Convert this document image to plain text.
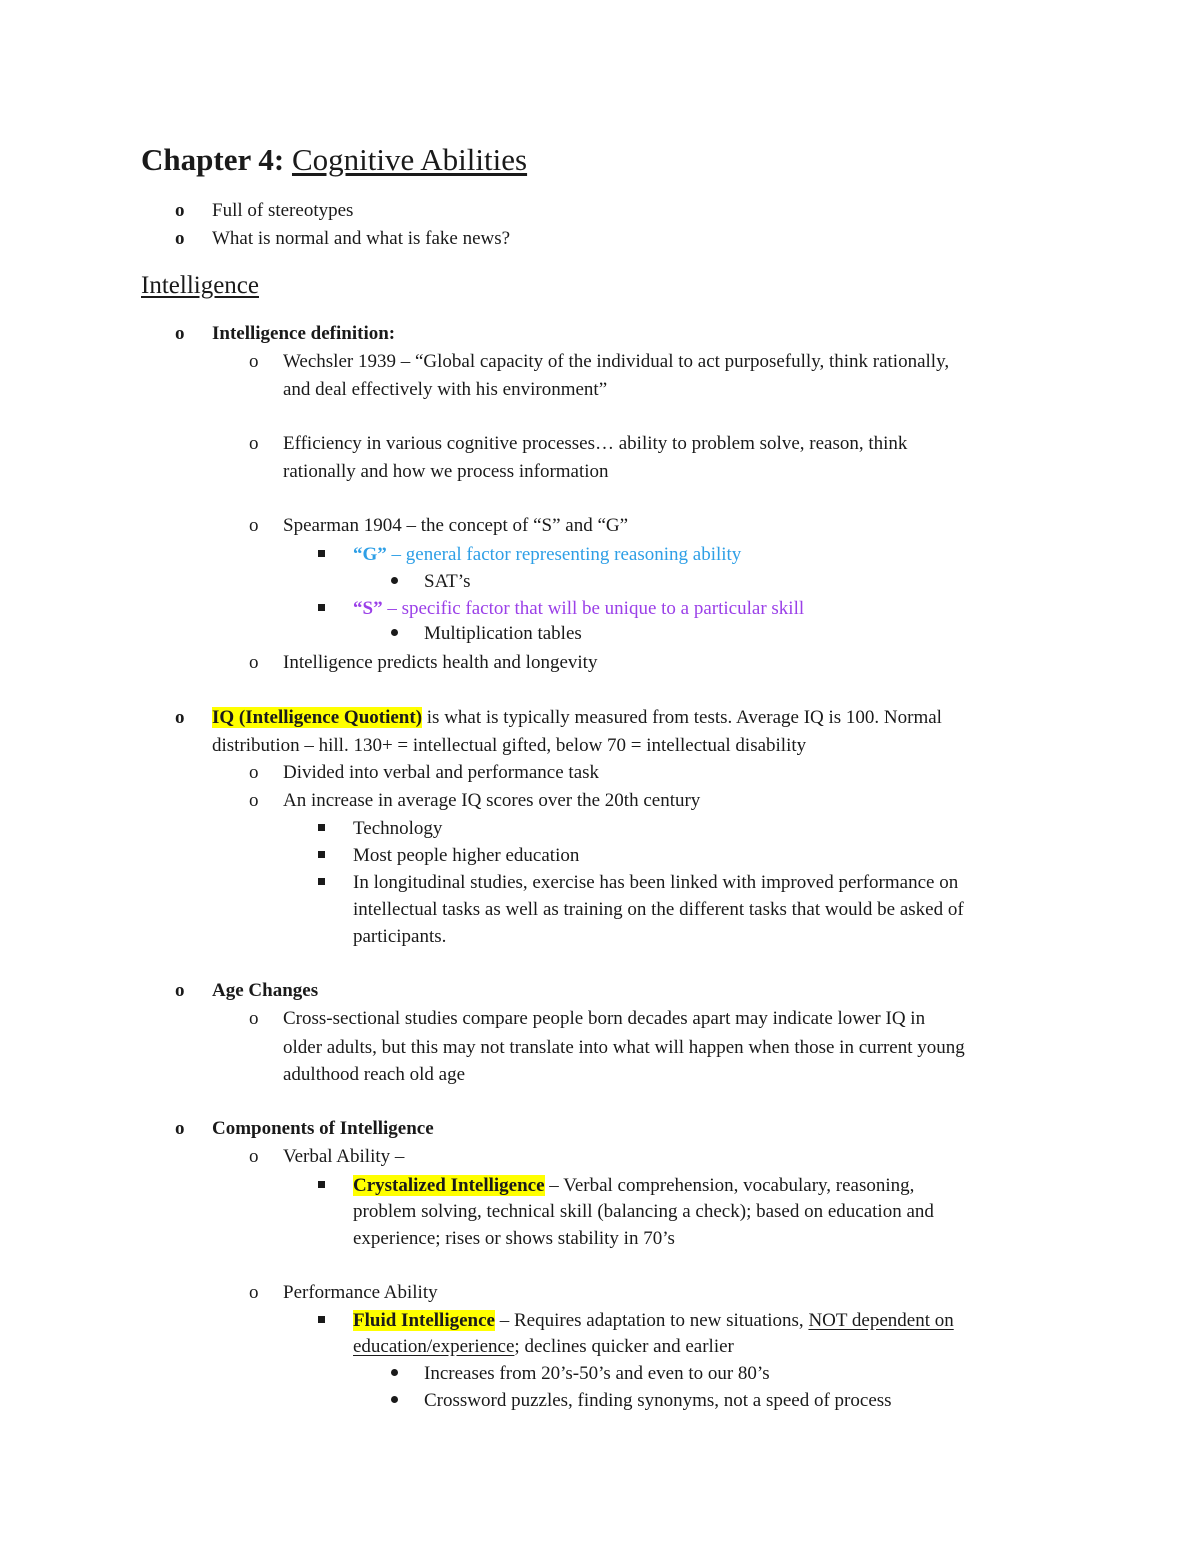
Chapter 4: Cognitive Abilities
o Full of stereotypes
o What is normal and what is fake news?
Intelligence
o Intelligence definition:
o Wechsler 1939 – “Global capacity of the individual to act purposefully, think rationally,
and deal effectively with his environment”
o Efficiency in various cognitive processes… ability to problem solve, reason, think
rationally and how we process information
o Spearman 1904 – the concept of “S” and “G”
“G” – general factor representing reasoning ability
SAT’s
“S” – specific factor that will be unique to a particular skill
Multiplication tables
o Intelligence predicts health and longevity
o IQ (Intelligence Quotient) is what is typically measured from tests. Average IQ is 100. Normal
distribution – hill. 130+ = intellectual gifted, below 70 = intellectual disability
o Divided into verbal and performance task
o An increase in average IQ scores over the 20th century
Technology
Most people higher education
In longitudinal studies, exercise has been linked with improved performance on
intellectual tasks as well as training on the different tasks that would be asked of
participants.
o Age Changes
o Cross-sectional studies compare people born decades apart may indicate lower IQ in
older adults, but this may not translate into what will happen when those in current young
adulthood reach old age
o Components of Intelligence
o Verbal Ability –
Crystalized Intelligence – Verbal comprehension, vocabulary, reasoning,
problem solving, technical skill (balancing a check); based on education and
experience; rises or shows stability in 70’s
o Performance Ability
Fluid Intelligence – Requires adaptation to new situations, NOT dependent on
education/experience; declines quicker and earlier
Increases from 20’s-50’s and even to our 80’s
Crossword puzzles, finding synonyms, not a speed of process
